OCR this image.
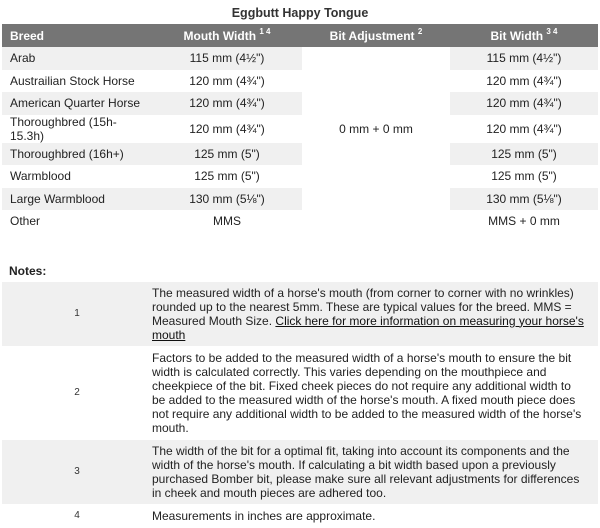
Eggbutt Happy Tongue
Breed	Mouth Width $^{1 4}$	Bit Adjustment $^2$	Bit Width $^{3 4}$
Arab	115 mm (4½")	0 mm + 0 mm	115 mm (4½")
Austrailian Stock Horse	120 mm (4¾")		120 mm (4¾")
American Quarter Horse	120 mm (4¾")		120 mm (4¾")
Thoroughbred (15h-15.3h)	120 mm (4¾")		120 mm (4¾")
Thoroughbred (16h+)	125 mm (5")		125 mm (5")
Warmblood	125 mm (5")		125 mm (5")
Large Warmblood	130 mm (5⅛")		130 mm (5⅛")
Other	MMS		MMS + 0 mm
Notes:
1	The measured width of a horse's mouth (from corner to corner with no wrinkles) rounded up to the nearest 5mm. These are typical values for the breed. MMS = Measured Mouth Size. Click here for more information on measuring your horse's mouth
2	Factors to be added to the measured width of a horse's mouth to ensure the bit width is calculated correctly. This varies depending on the mouthpiece and cheekpiece of the bit. Fixed cheek pieces do not require any additional width to be added to the measured width of the horse's mouth. A fixed mouth piece does not require any additional width to be added to the measured width of the horse's mouth.
3	The width of the bit for a optimal fit, taking into account its components and the width of the horse's mouth. If calculating a bit width based upon a previously purchased Bomber bit, please make sure all relevant adjustments for differences in cheek and mouth pieces are adhered too.
4	Measurements in inches are approximate.
